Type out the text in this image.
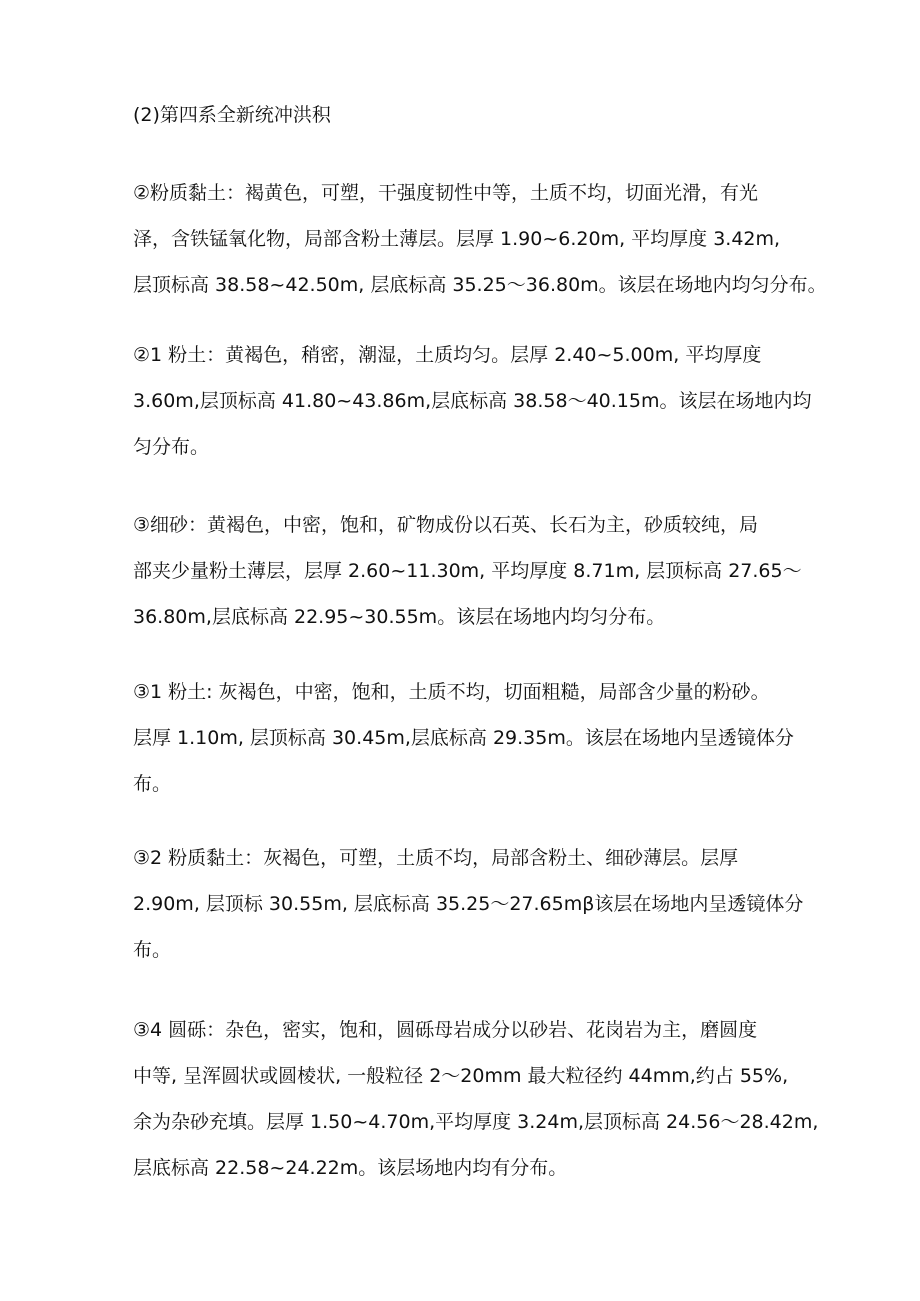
(2)第四系全新统冲洪积

②粉质黏土：褐黄色，可塑，干强度韧性中等，土质不均，切面光滑，有光
泽，含铁锰氧化物，局部含粉土薄层。层厚 1.90~6.20m, 平均厚度 3.42m,
层顶标高 38.58~42.50m, 层底标高 35.25～36.80m。该层在场地内均匀分布。

②1 粉土：黄褐色，稍密，潮湿，土质均匀。层厚 2.40~5.00m, 平均厚度
3.60m,层顶标高 41.80~43.86m,层底标高 38.58～40.15m。该层在场地内均
匀分布。

③细砂：黄褐色，中密，饱和，矿物成份以石英、长石为主，砂质较纯，局
部夹少量粉土薄层，层厚 2.60~11.30m, 平均厚度 8.71m, 层顶标高 27.65～
36.80m,层底标高 22.95~30.55m。该层在场地内均匀分布。

③1 粉土: 灰褐色，中密，饱和，土质不均，切面粗糙，局部含少量的粉砂。
层厚 1.10m, 层顶标高 30.45m,层底标高 29.35m。该层在场地内呈透镜体分
布。

③2 粉质黏土：灰褐色，可塑，土质不均，局部含粉土、细砂薄层。层厚
2.90m, 层顶标 30.55m, 层底标高 35.25～27.65mβ该层在场地内呈透镜体分
布。

③4 圆砾：杂色，密实，饱和，圆砾母岩成分以砂岩、花岗岩为主，磨圆度
中等, 呈浑圆状或圆棱状, 一般粒径 2～20mm 最大粒径约 44mm,约占 55%,
余为杂砂充填。层厚 1.50~4.70m,平均厚度 3.24m,层顶标高 24.56～28.42m,
层底标高 22.58~24.22m。该层场地内均有分布。
